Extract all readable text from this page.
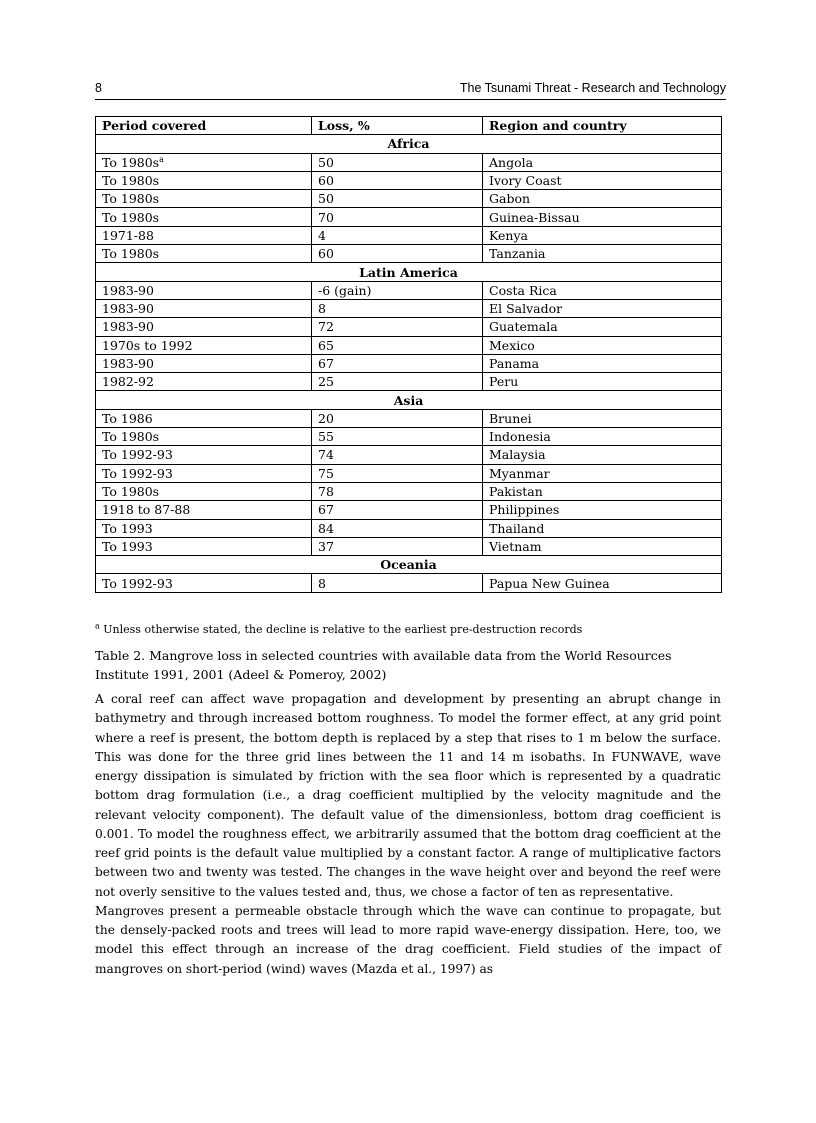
8	The Tsunami Threat - Research and Technology
Period covered	Loss, %	Region and country
Africa		
To $1980s^a$	50	Angola
To 1980s	60	Ivory Coast
To 1980s	50	Gabon
To 1980s	70	Guinea-Bissau
1971-88	4	Kenya
To 1980s	60	Tanzania
Latin America		
1983-90	-6 (gain)	Costa Rica
1983-90	8	El Salvador
1983-90	72	Guatemala
1970s to 1992	65	Mexico
1983-90	67	Panama
1982-92	25	Peru
Asia		
To 1986	20	Brunei
To 1980s	55	Indonesia
To 1992-93	74	Malaysia
To 1992-93	75	Myanmar
To 1980s	78	Pakistan
1918 to 87-88	67	Philippines
To 1993	84	Thailand
To 1993	37	Vietnam
Oceania		
To 1992-93	8	Papua New Guinea
$^a$ Unless otherwise stated, the decline is relative to the earliest pre-destruction records
Table 2. Mangrove loss in selected countries with available data from the World Resources Institute 1991, 2001 (Adeel & Pomeroy, 2002)

A coral reef can affect wave propagation and development by presenting an abrupt change in bathymetry and through increased bottom roughness. To model the former effect, at any grid point where a reef is present, the bottom depth is replaced by a step that rises to 1 m below the surface. This was done for the three grid lines between the 11 and 14 m isobaths. In FUNWAVE, wave energy dissipation is simulated by friction with the sea floor which is represented by a quadratic bottom drag formulation (i.e., a drag coefficient multiplied by the velocity magnitude and the relevant velocity component). The default value of the dimensionless, bottom drag coefficient is 0.001. To model the roughness effect, we arbitrarily assumed that the bottom drag coefficient at the reef grid points is the default value multiplied by a constant factor. A range of multiplicative factors between two and twenty was tested. The changes in the wave height over and beyond the reef were not overly sensitive to the values tested and, thus, we chose a factor of ten as representative.

Mangroves present a permeable obstacle through which the wave can continue to propagate, but the densely-packed roots and trees will lead to more rapid wave-energy dissipation. Here, too, we model this effect through an increase of the drag coefficient. Field studies of the impact of mangroves on short-period (wind) waves (Mazda et al., 1997) as
